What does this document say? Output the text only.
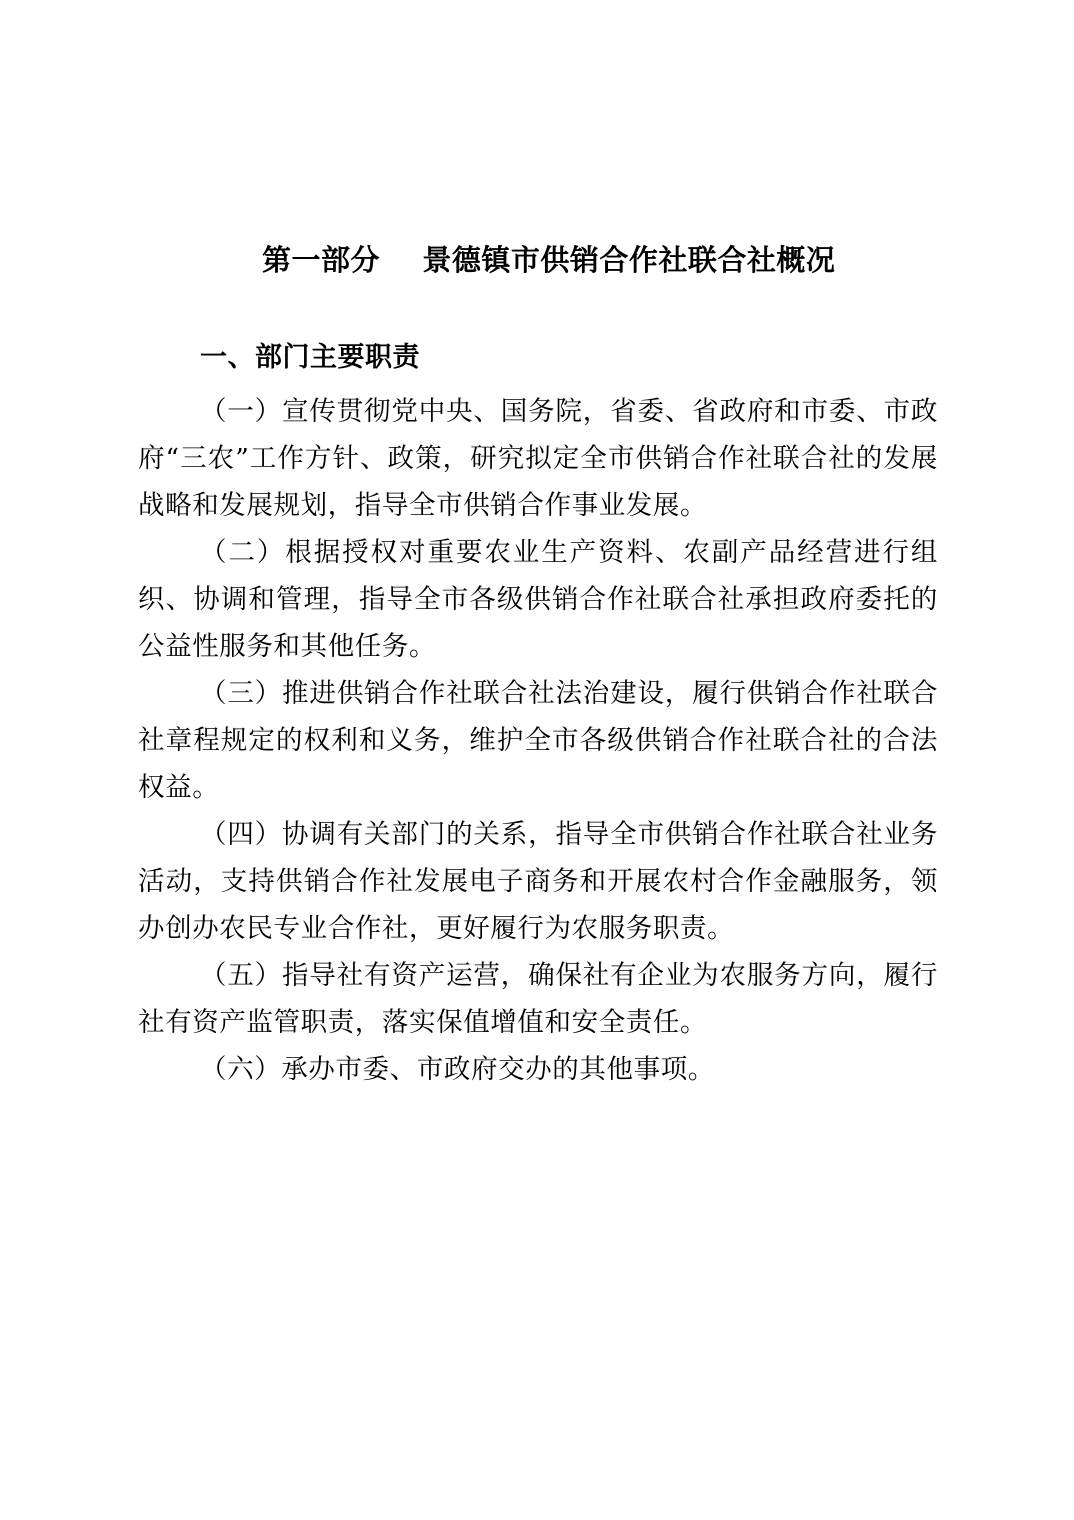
第一部分    景德镇市供销合作社联合社概况
一、部门主要职责

（一）宣传贯彻党中央、国务院，省委、省政府和市委、市政府“三农”工作方针、政策，研究拟定全市供销合作社联合社的发展战略和发展规划，指导全市供销合作事业发展。

（二）根据授权对重要农业生产资料、农副产品经营进行组织、协调和管理，指导全市各级供销合作社联合社承担政府委托的公益性服务和其他任务。

（三）推进供销合作社联合社法治建设，履行供销合作社联合社章程规定的权利和义务，维护全市各级供销合作社联合社的合法权益。

（四）协调有关部门的关系，指导全市供销合作社联合社业务活动，支持供销合作社发展电子商务和开展农村合作金融服务，领办创办农民专业合作社，更好履行为农服务职责。

（五）指导社有资产运营，确保社有企业为农服务方向，履行社有资产监管职责，落实保值增值和安全责任。

（六）承办市委、市政府交办的其他事项。
